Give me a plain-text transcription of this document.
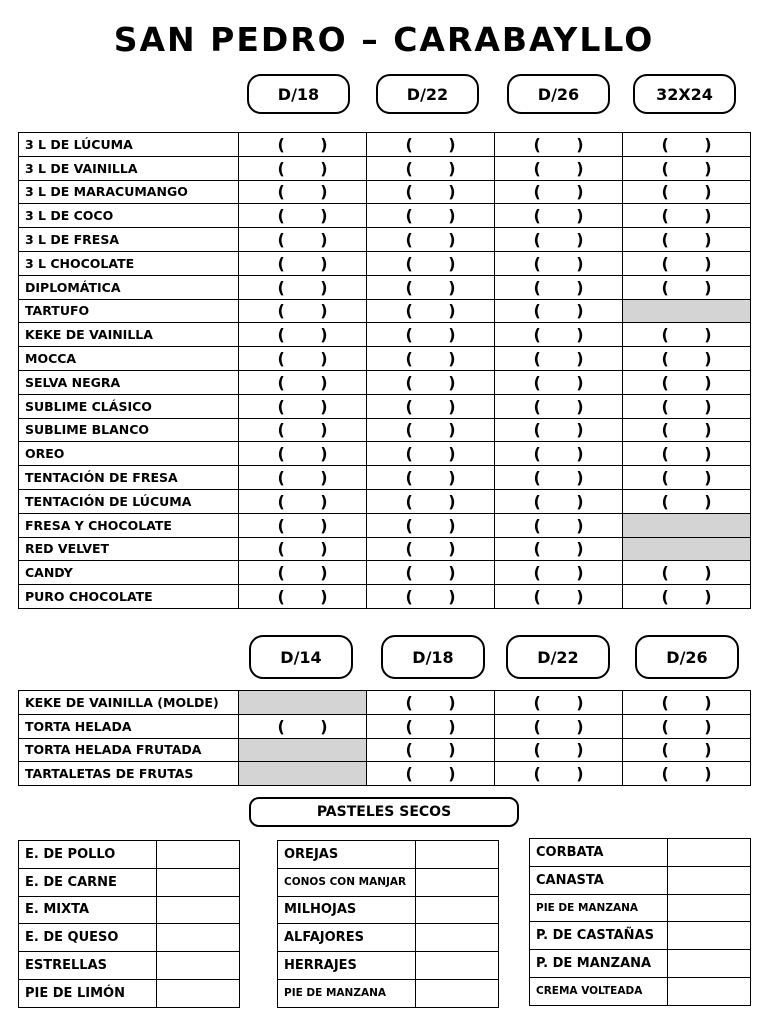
SAN PEDRO – CARABAYLLO
D/18	D/22	D/26	32X24
3 L DE LÚCUMA	( )	( )	( )	( )

3 L DE VAINILLA	( )	( )	( )	( )

3 L DE MARACUMANGO	( )	( )	( )	( )

3 L DE COCO	( )	( )	( )	( )

3 L DE FRESA	( )	( )	( )	( )

3 L CHOCOLATE	( )	( )	( )	( )

DIPLOMÁTICA	( )	( )	( )	( )

TARTUFO	( )	( )	( )	

KEKE DE VAINILLA	( )	( )	( )	( )

MOCCA	( )	( )	( )	( )

SELVA NEGRA	( )	( )	( )	( )

SUBLIME CLÁSICO	( )	( )	( )	( )

SUBLIME BLANCO	( )	( )	( )	( )

OREO	( )	( )	( )	( )

TENTACIÓN DE FRESA	( )	( )	( )	( )

TENTACIÓN DE LÚCUMA	( )	( )	( )	( )

FRESA Y CHOCOLATE	( )	( )	( )	

RED VELVET	( )	( )	( )	

CANDY	( )	( )	( )	( )

PURO CHOCOLATE	( )	( )	( )	( )
D/14	D/18	D/22	D/26
KEKE DE VAINILLA (MOLDE)		( )	( )	( )

TORTA HELADA	( )	( )	( )	( )

TORTA HELADA FRUTADA		( )	( )	( )

TARTALETAS DE FRUTAS		( )	( )	( )
PASTELES SECOS
E. DE POLLO	
E. DE CARNE	
E. MIXTA	
E. DE QUESO	
ESTRELLAS	
PIE DE LIMÓN	
OREJAS	
CONOS CON MANJAR	
MILHOJAS	
ALFAJORES	
HERRAJES	
PIE DE MANZANA	
CORBATA	
CANASTA	
PIE DE MANZANA	
P. DE CASTAÑAS	
P. DE MANZANA	
CREMA VOLTEADA	
